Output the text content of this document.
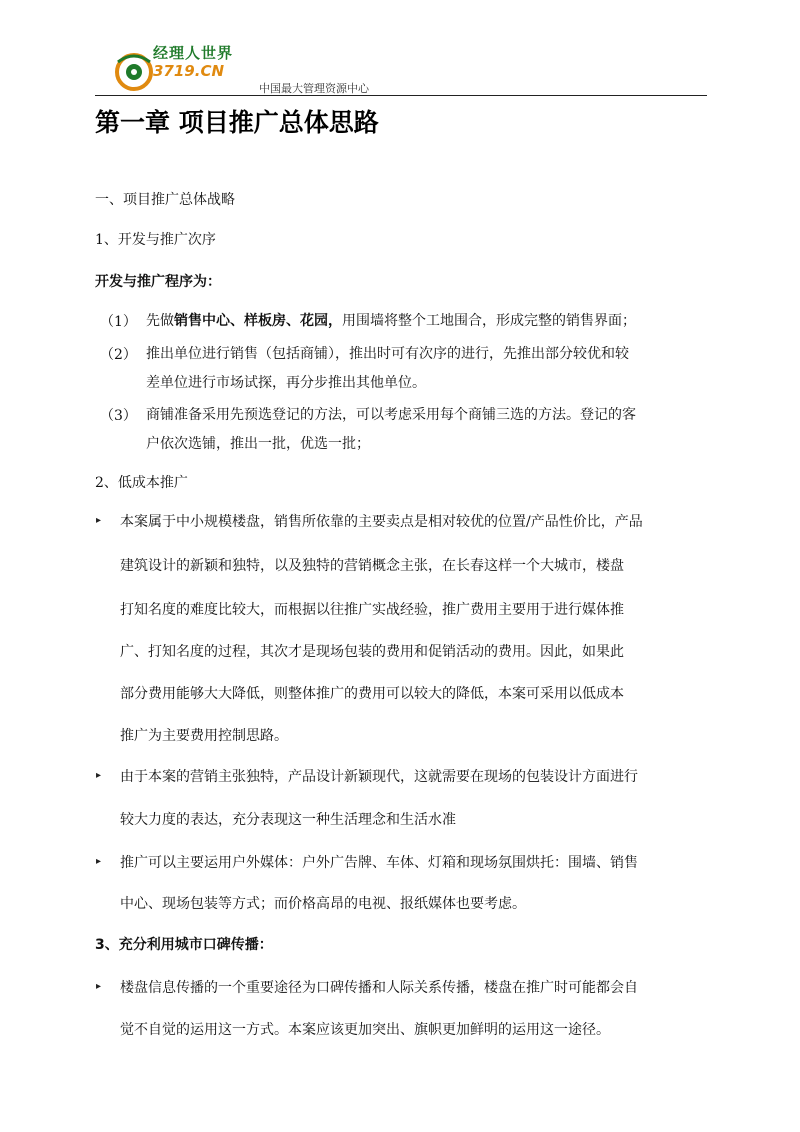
经理人世界
3719.CN
中国最大管理资源中心
第一章 项目推广总体思路

一、项目推广总体战略

1、开发与推广次序

开发与推广程序为：

（1） 先做销售中心、样板房、花园，用围墙将整个工地围合，形成完整的销售界面；

（2） 推出单位进行销售（包括商铺），推出时可有次序的进行，先推出部分较优和较

差单位进行市场试探，再分步推出其他单位。

（3） 商铺准备采用先预选登记的方法，可以考虑采用每个商铺三选的方法。登记的客

户依次选铺，推出一批，优选一批；

2、低成本推广

▸ 本案属于中小规模楼盘，销售所依靠的主要卖点是相对较优的位置/产品性价比，产品

建筑设计的新颖和独特，以及独特的营销概念主张，在长春这样一个大城市，楼盘

打知名度的难度比较大，而根据以往推广实战经验，推广费用主要用于进行媒体推

广、打知名度的过程，其次才是现场包装的费用和促销活动的费用。因此，如果此

部分费用能够大大降低，则整体推广的费用可以较大的降低，本案可采用以低成本

推广为主要费用控制思路。

▸ 由于本案的营销主张独特，产品设计新颖现代，这就需要在现场的包装设计方面进行

较大力度的表达，充分表现这一种生活理念和生活水准

▸ 推广可以主要运用户外媒体：户外广告牌、车体、灯箱和现场氛围烘托：围墙、销售

中心、现场包装等方式；而价格高昂的电视、报纸媒体也要考虑。

3、充分利用城市口碑传播：

▸ 楼盘信息传播的一个重要途径为口碑传播和人际关系传播，楼盘在推广时可能都会自

觉不自觉的运用这一方式。本案应该更加突出、旗帜更加鲜明的运用这一途径。
